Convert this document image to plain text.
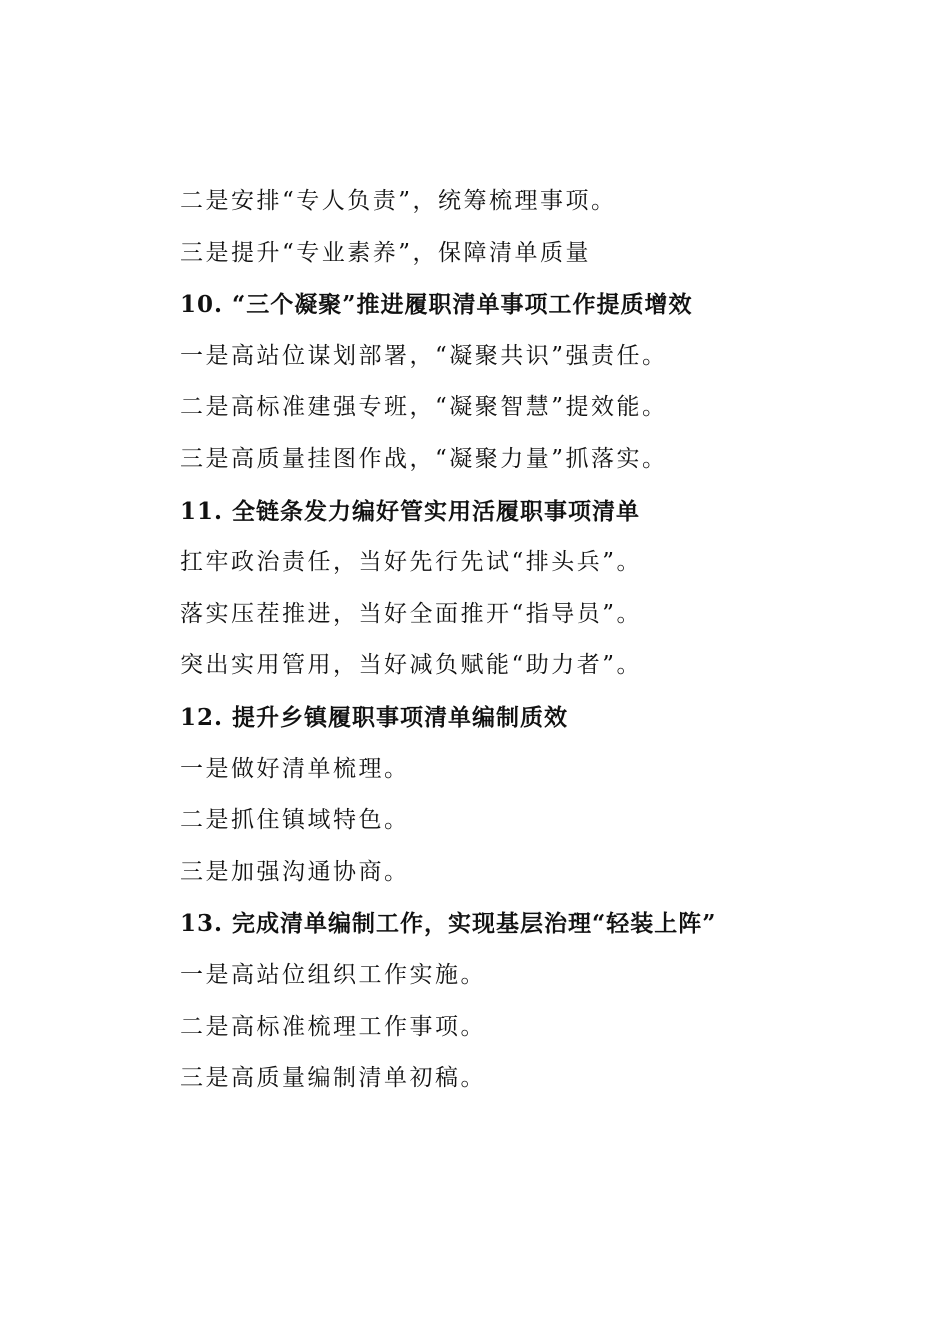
二是安排“专人负责”，统筹梳理事项。
三是提升“专业素养”，保障清单质量
10. “三个凝聚”推进履职清单事项工作提质增效
一是高站位谋划部署，“凝聚共识”强责任。
二是高标准建强专班，“凝聚智慧”提效能。
三是高质量挂图作战，“凝聚力量”抓落实。
11. 全链条发力编好管实用活履职事项清单
扛牢政治责任，当好先行先试“排头兵”。
落实压茬推进，当好全面推开“指导员”。
突出实用管用，当好减负赋能“助力者”。
12. 提升乡镇履职事项清单编制质效
一是做好清单梳理。
二是抓住镇域特色。
三是加强沟通协商。
13. 完成清单编制工作，实现基层治理“轻装上阵”
一是高站位组织工作实施。
二是高标准梳理工作事项。
三是高质量编制清单初稿。
